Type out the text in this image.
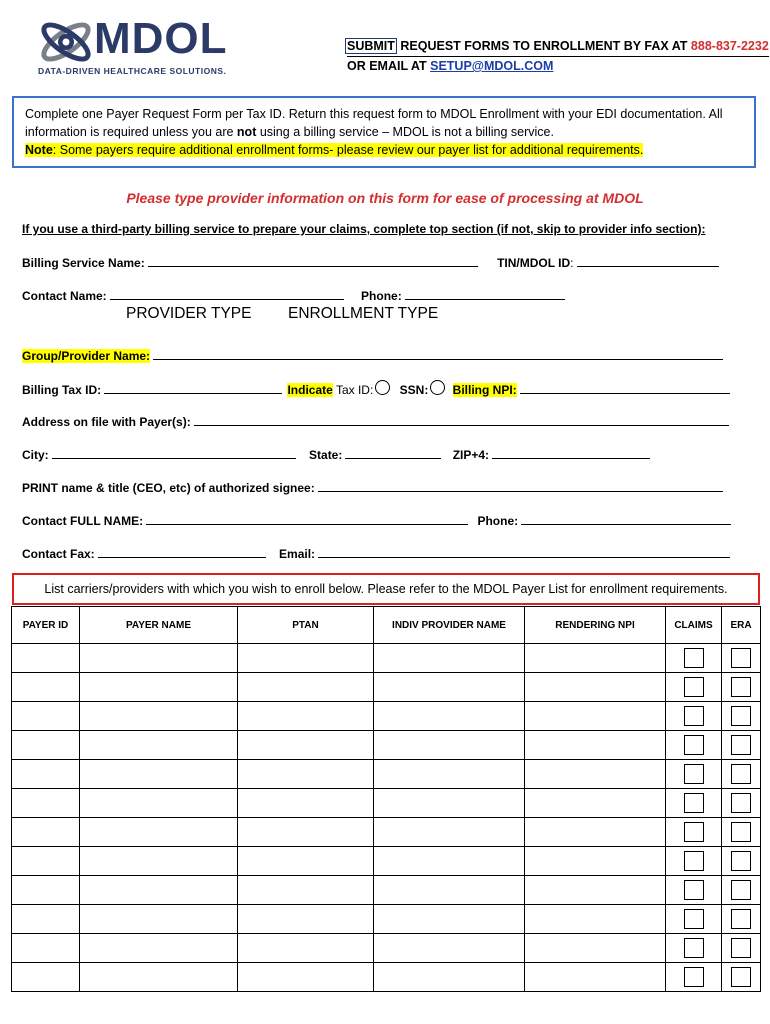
MDOL
DATA-DRIVEN HEALTHCARE SOLUTIONS.
SUBMIT REQUEST FORMS TO ENROLLMENT BY FAX AT 888-837-2232
OR EMAIL AT SETUP@MDOL.COM
Complete one Payer Request Form per Tax ID. Return this request form to MDOL Enrollment with your EDI documentation. All
information is required unless you are not using a billing service – MDOL is not a billing service.
Note: Some payers require additional enrollment forms- please review our payer list for additional requirements.
Please type provider information on this form for ease of processing at MDOL
If you use a third-party billing service to prepare your claims, complete top section (if not, skip to provider info section):
Billing Service Name:	TIN/MDOL ID:
Contact Name:	Phone:
PROVIDER TYPE ENROLLMENT TYPE
Group/Provider Name:
Billing Tax ID:	Indicate Tax ID: SSN: Billing NPI:
Address on file with Payer(s):
City:	State:	ZIP+4:
PRINT name & title (CEO, etc) of authorized signee:
Contact FULL NAME:	Phone:
Contact Fax:	Email:
List carriers/providers with which you wish to enroll below. Please refer to the MDOL Payer List for enrollment requirements.
PAYER ID	PAYER NAME	PTAN	INDIV PROVIDER NAME	RENDERING NPI	CLAIMS	ERA
